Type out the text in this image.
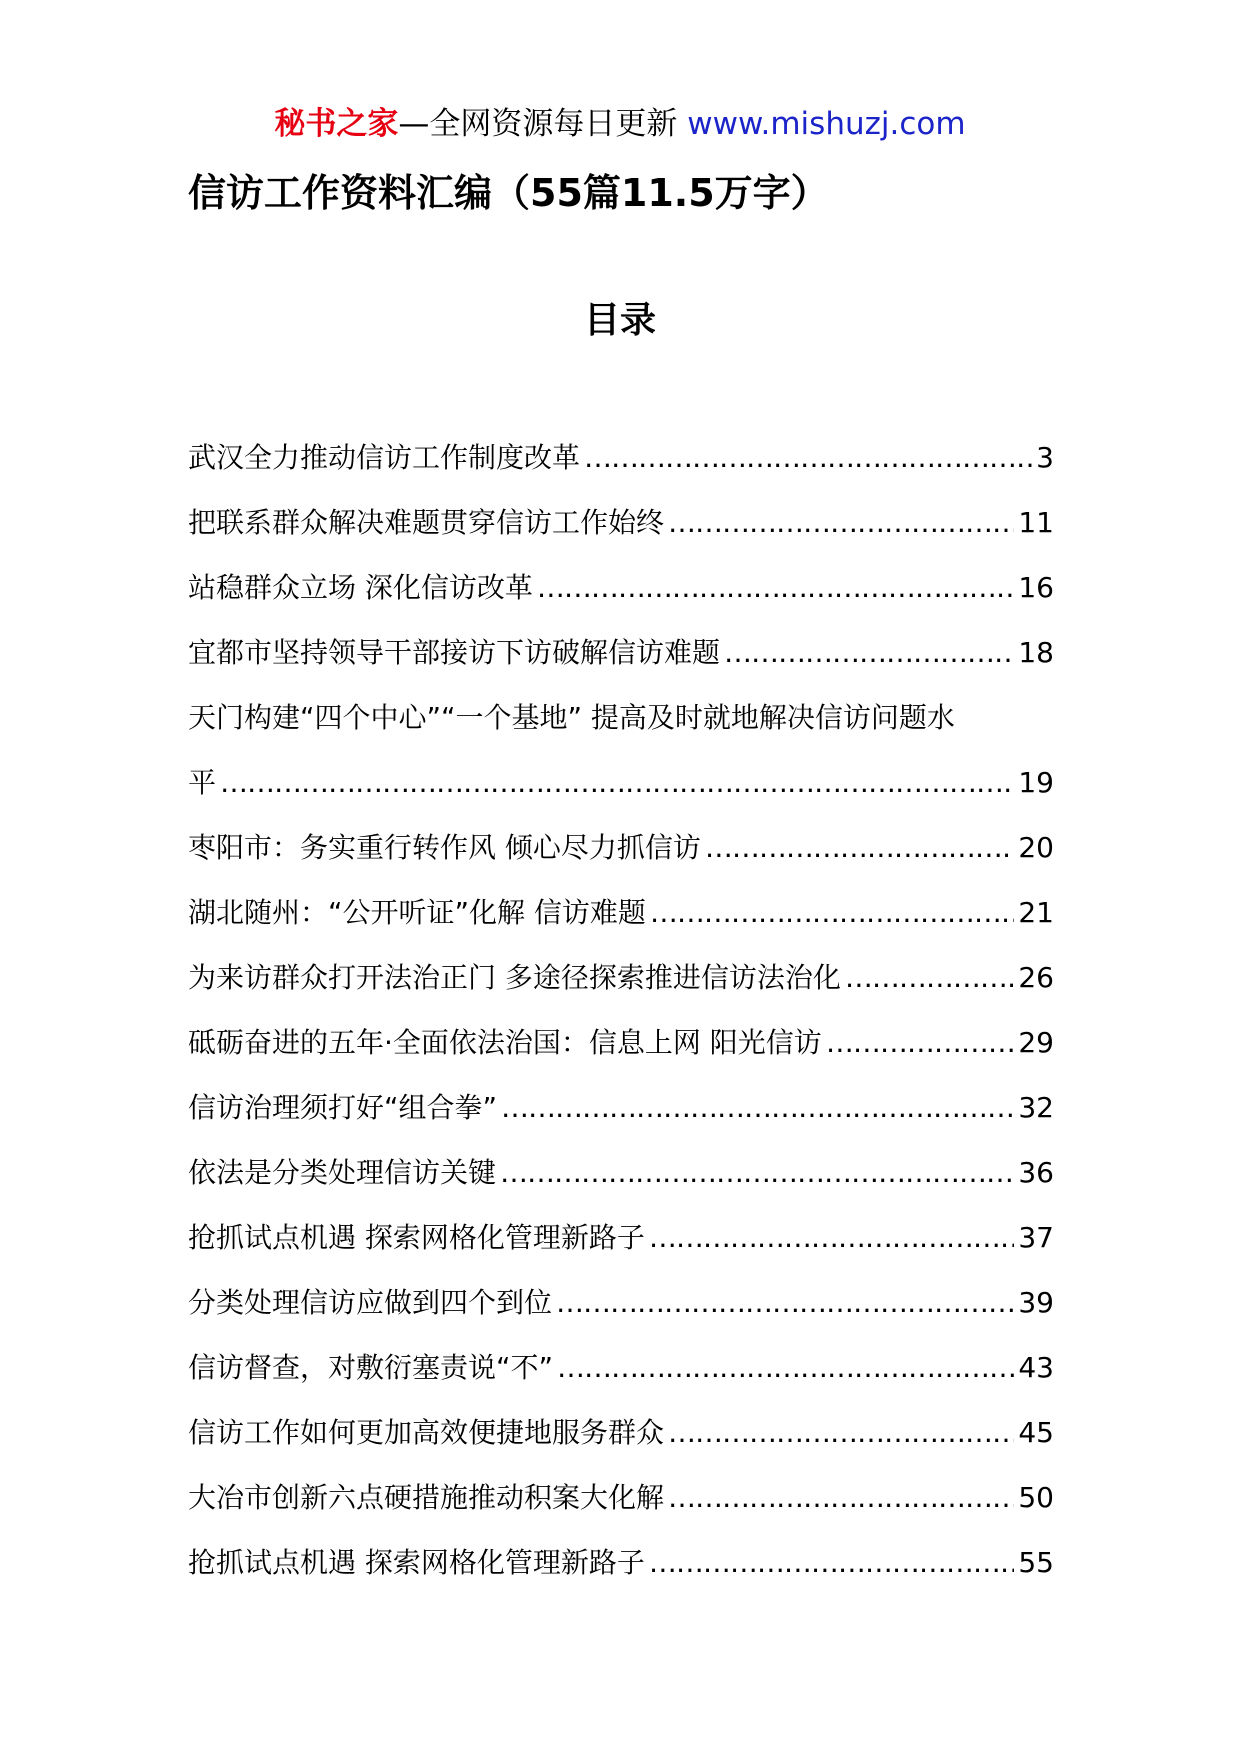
秘书之家—全网资源每日更新 www.mishuzj.com
信访工作资料汇编（55篇11.5万字）
目录
武汉全力推动信访工作制度改革 ………………………………………………………………………………………………………………………………………………	3
把联系群众解决难题贯穿信访工作始终 ………………………………………………………………………………………………………………………………………………	11
站稳群众立场 深化信访改革 ………………………………………………………………………………………………………………………………………………	16
宜都市坚持领导干部接访下访破解信访难题 ………………………………………………………………………………………………………………………………………………	18
天门构建“四个中心”“一个基地” 提高及时就地解决信访问题水
平 ………………………………………………………………………………………………………………………………………………	19
枣阳市：务实重行转作风 倾心尽力抓信访 ………………………………………………………………………………………………………………………………………………	20
湖北随州：“公开听证”化解 信访难题 ………………………………………………………………………………………………………………………………………………	21
为来访群众打开法治正门 多途径探索推进信访法治化 ………………………………………………………………………………………………………………………………………………	26
砥砺奋进的五年·全面依法治国：信息上网 阳光信访 ………………………………………………………………………………………………………………………………………………	29
信访治理须打好“组合拳” ………………………………………………………………………………………………………………………………………………	32
依法是分类处理信访关键 ………………………………………………………………………………………………………………………………………………	36
抢抓试点机遇 探索网格化管理新路子 ………………………………………………………………………………………………………………………………………………	37
分类处理信访应做到四个到位 ………………………………………………………………………………………………………………………………………………	39
信访督查，对敷衍塞责说“不” ………………………………………………………………………………………………………………………………………………	43
信访工作如何更加高效便捷地服务群众 ………………………………………………………………………………………………………………………………………………	45
大冶市创新六点硬措施推动积案大化解 ………………………………………………………………………………………………………………………………………………	50
抢抓试点机遇 探索网格化管理新路子 ………………………………………………………………………………………………………………………………………………	55
